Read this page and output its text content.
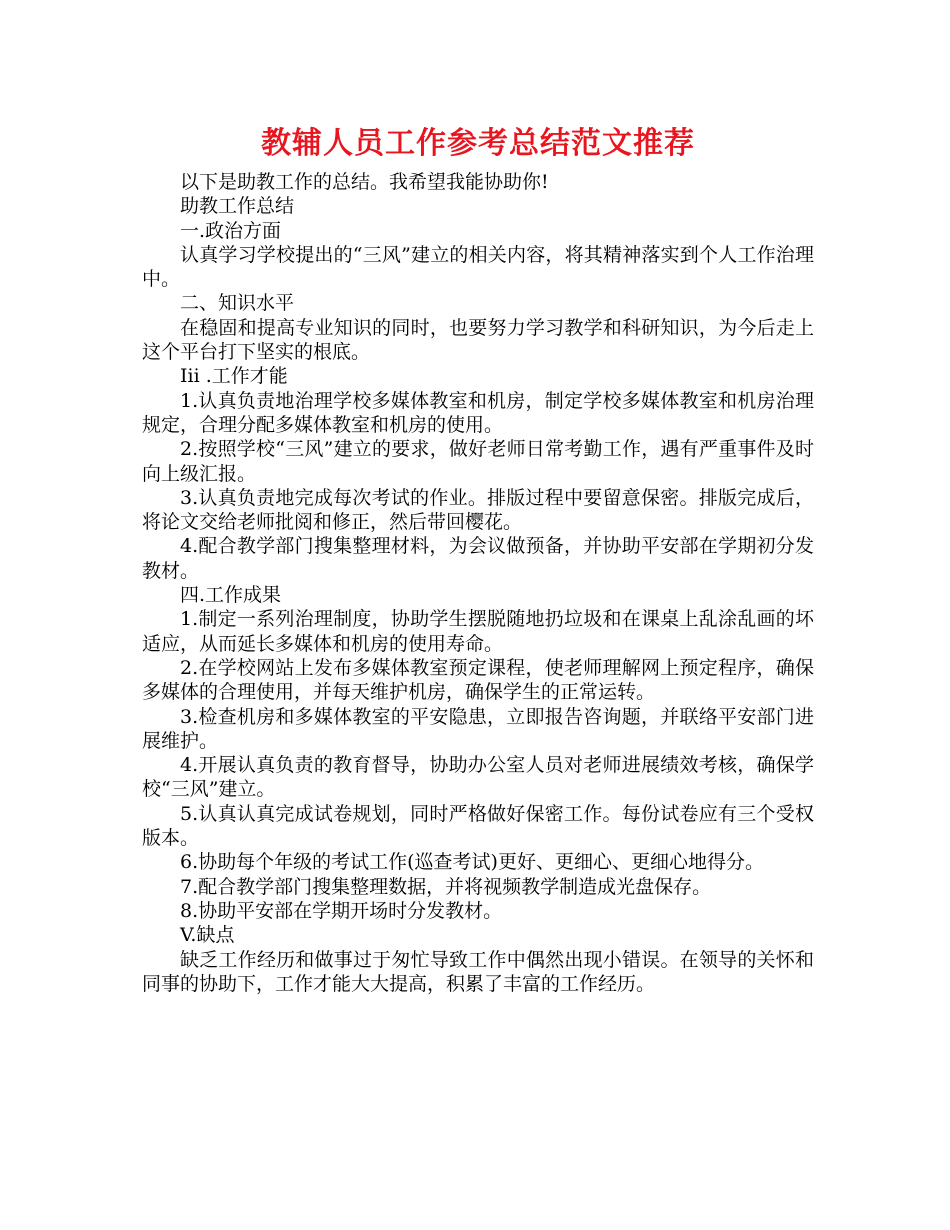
教辅人员工作参考总结范文推荐

以下是助教工作的总结。我希望我能协助你!

助教工作总结

一.政治方面

认真学习学校提出的“三风”建立的相关内容，将其精神落实到个人工作治理中。

二、知识水平

在稳固和提高专业知识的同时，也要努力学习教学和科研知识，为今后走上这个平台打下坚实的根底。

Iii .工作才能

1.认真负责地治理学校多媒体教室和机房，制定学校多媒体教室和机房治理规定，合理分配多媒体教室和机房的使用。

2.按照学校“三风”建立的要求，做好老师日常考勤工作，遇有严重事件及时向上级汇报。

3.认真负责地完成每次考试的作业。排版过程中要留意保密。排版完成后，将论文交给老师批阅和修正，然后带回樱花。

4.配合教学部门搜集整理材料，为会议做预备，并协助平安部在学期初分发教材。

四.工作成果

1.制定一系列治理制度，协助学生摆脱随地扔垃圾和在课桌上乱涂乱画的坏适应，从而延长多媒体和机房的使用寿命。

2.在学校网站上发布多媒体教室预定课程，使老师理解网上预定程序，确保多媒体的合理使用，并每天维护机房，确保学生的正常运转。

3.检查机房和多媒体教室的平安隐患，立即报告咨询题，并联络平安部门进展维护。

4.开展认真负责的教育督导，协助办公室人员对老师进展绩效考核，确保学校“三风”建立。

5.认真认真完成试卷规划，同时严格做好保密工作。每份试卷应有三个受权版本。

6.协助每个年级的考试工作(巡查考试)更好、更细心、更细心地得分。

7.配合教学部门搜集整理数据，并将视频教学制造成光盘保存。

8.协助平安部在学期开场时分发教材。

V.缺点

缺乏工作经历和做事过于匆忙导致工作中偶然出现小错误。在领导的关怀和同事的协助下，工作才能大大提高，积累了丰富的工作经历。
